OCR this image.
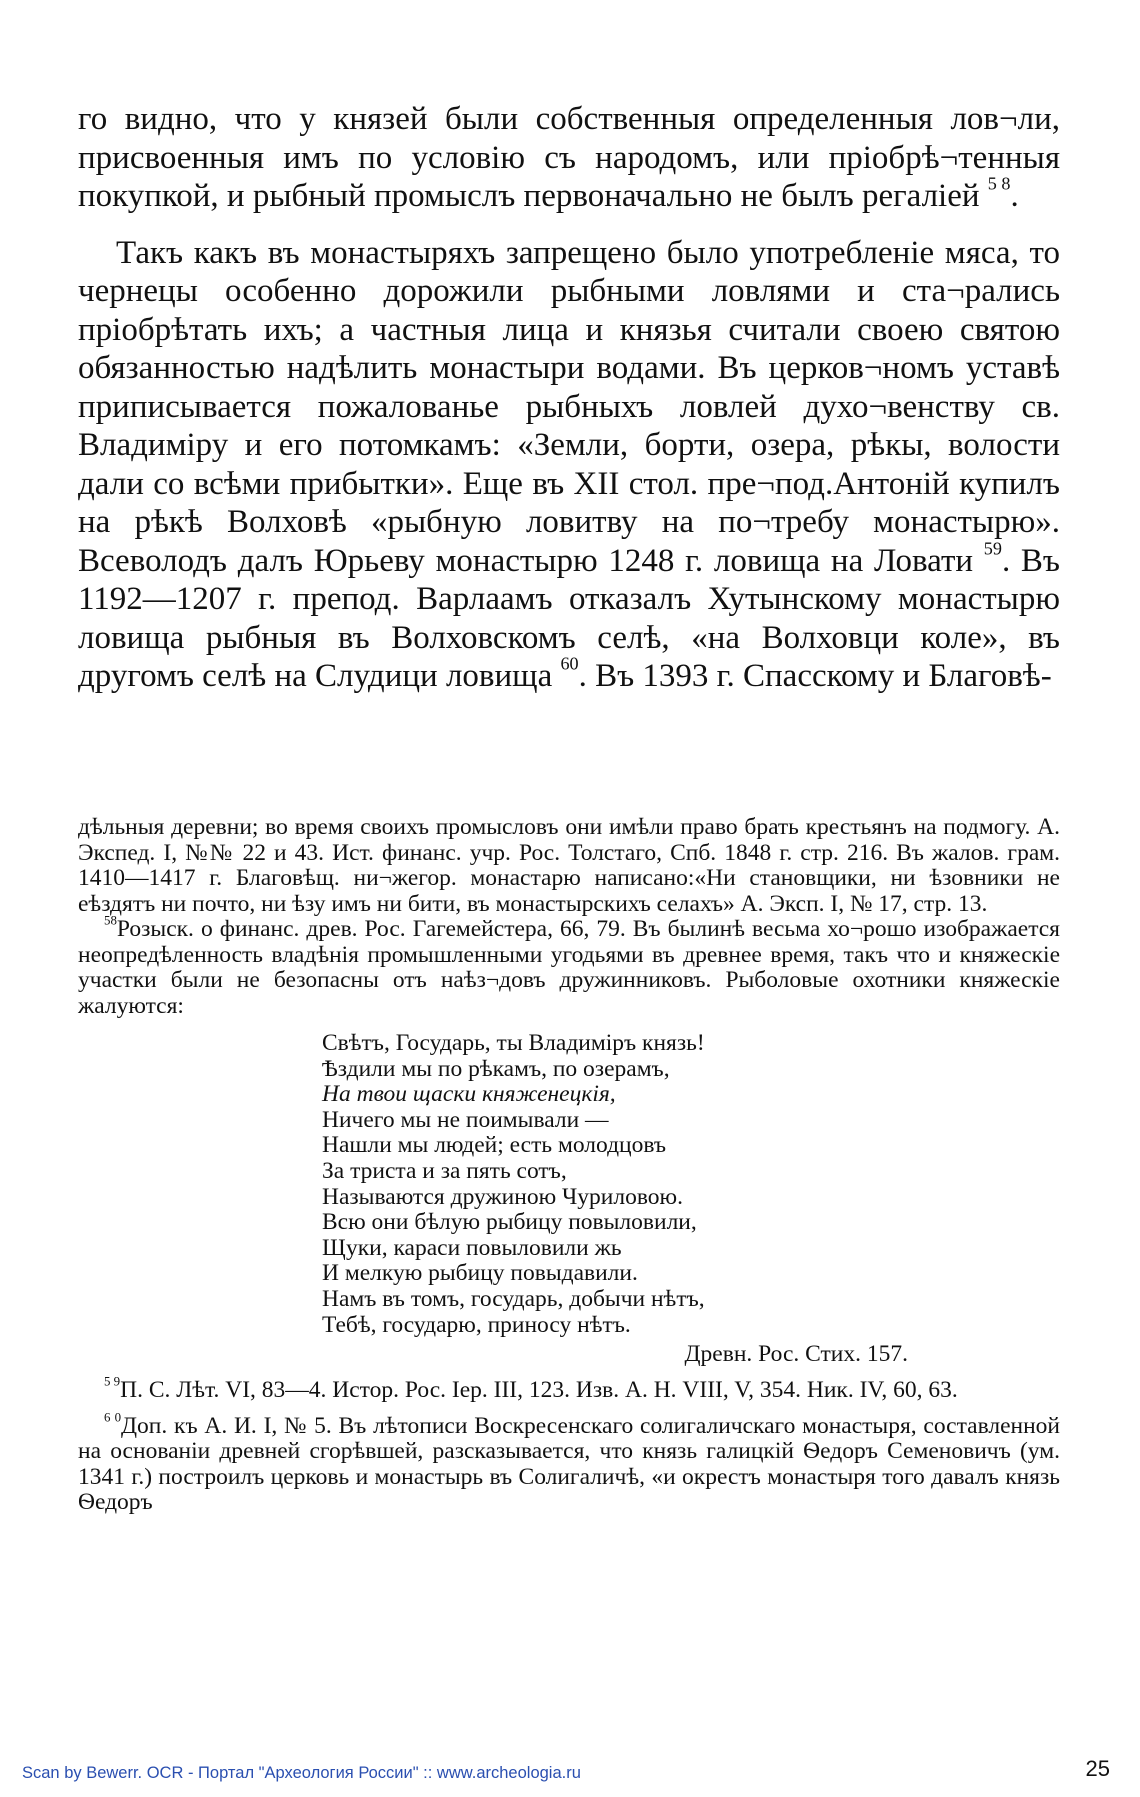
го видно, что у князей были собственныя определенныя лов¬ли, присвоенныя имъ по условiю съ народомъ, или прiобрѣ¬тенныя покупкой, и рыбный промыслъ первоначально не былъ регалiей $^{5 8}$.

Такъ какъ въ монастыряхъ запрещено было употребленiе мяса, то чернецы особенно дорожили рыбными ловлями и ста¬рались прiобрѣтать ихъ; а частныя лица и князья считали своею святою обязанностью надѣлить монастыри водами. Въ церков¬номъ уставѣ приписывается пожалованье рыбныхъ ловлей духо¬венству св. Владимiру и его потомкамъ: «Земли, борти, озера, рѣкы, волости дали со всѣми прибытки». Еще въ XII стол. пре¬под.Антонiй купилъ на рѣкѣ Волховѣ «рыбную ловитву на по¬требу монастырю». Всеволодъ далъ Юрьеву монастырю 1248 г. ловища на Ловати $^{59}$. Въ 1192—1207 г. препод. Варлаамъ отказалъ Хутынскому монастырю ловища рыбныя въ Волховскомъ селѣ, «на Волховци коле», въ другомъ селѣ на Слудици ловища $^{60}$. Въ 1393 г. Спасскому и Благовѣ-

дѣльныя деревни; во время своихъ промысловъ они имѣли право брать крестьянъ на подмогу. А. Экспед. I, №№ 22 и 43. Ист. финанс. учр. Рос. Толстаго, Спб. 1848 г. стр. 216. Въ жалов. грам. 1410—1417 г. Благовѣщ. ни¬жегор. монастарю написано:«Ни становщики, ни ѣзовники не еѣздятъ ни почто, ни ѣзу имъ ни бити, въ монастырскихъ селахъ» А. Эксп. I, № 17, стр. 13.

$^{58}$Розыск. о финанс. древ. Рос. Гагемейстера, 66, 79. Въ былинѣ весьма хо¬рошо изображается неопредѣленность владѣнiя промышленными угодьями въ древнее время, такъ что и княжескiе участки были не безопасны отъ наѣз¬довъ дружинниковъ. Рыболовые охотники княжескiе жалуются:

Свѣтъ, Государь, ты Владимiръ князь!
Ѣздили мы по рѣкамъ, по озерамъ,
На твои щаски княженецкiя,
Ничего мы не поимывали —
Нашли мы людей; есть молодцовъ
За триста и за пять сотъ,
Называются дружиною Чуриловою.
Всю они бѣлую рыбицу повыловили,
Щуки, караси повыловили жь
И мелкую рыбицу повыдавили.
Намъ въ томъ, государь, добычи нѣтъ,
Тебѣ, государю, приносу нѣтъ.
Древн. Рос. Стих. 157.

$^{5 9}$П. С. Лѣт. VI, 83—4. Истор. Рос. Iер. III, 123. Изв. А. Н. VIII, V, 354. Ник. IV, 60, 63.

$^{6 0}$Доп. къ А. И. I, № 5. Въ лѣтописи Воскресенскаго солигаличскаго монастыря, составленной на основанiи древней сгорѣвшей, разсказывается, что князь галицкiй Ѳедоръ Семеновичъ (ум. 1341 г.) построилъ церковь и монастырь въ Солигаличѣ, «и окрестъ монастыря того давалъ князь Ѳедоръ

Scan by Bewerr. OCR - Портал "Археология России" :: www.archeologia.ru	25
